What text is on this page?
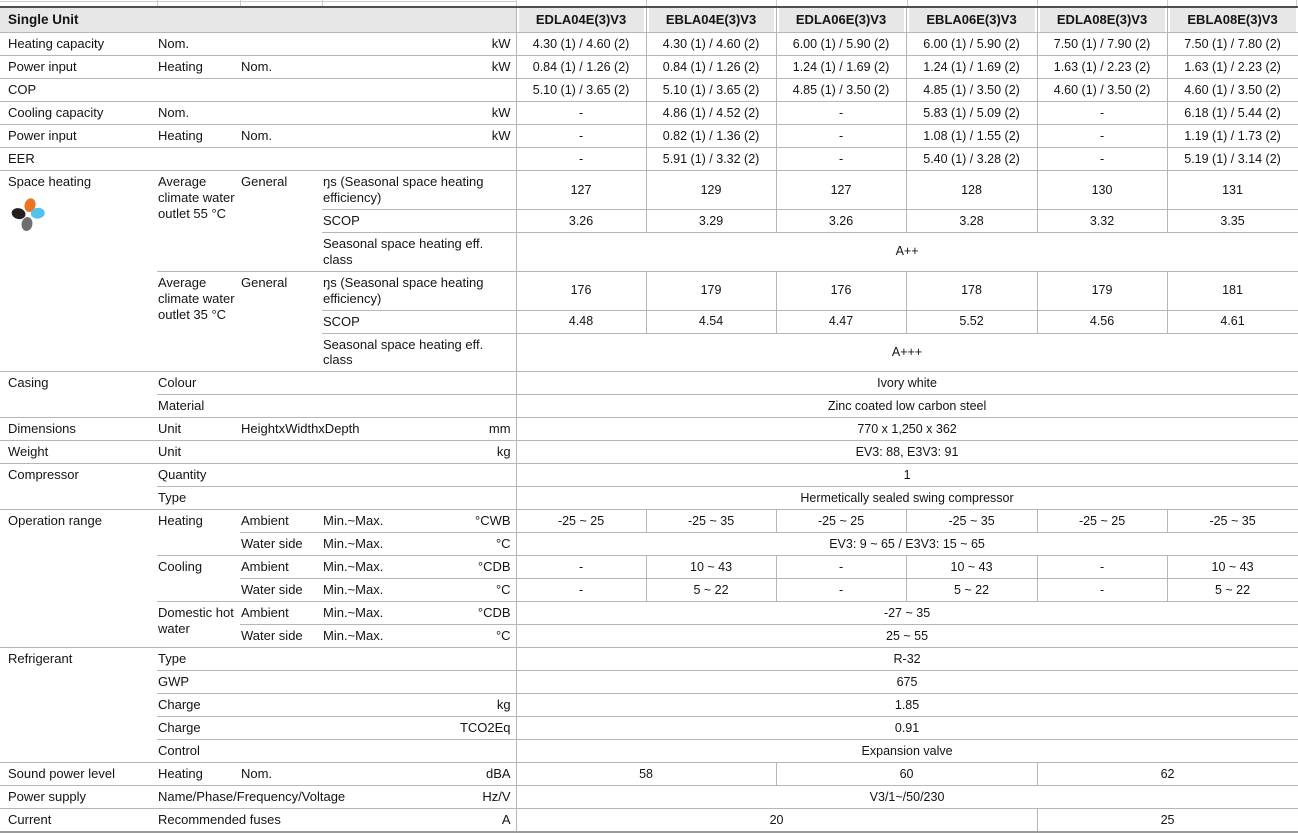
Single Unit					EDLA04E(3)V3	EBLA04E(3)V3	EDLA06E(3)V3	EBLA06E(3)V3	EDLA08E(3)V3	EBLA08E(3)V3
Heating capacity	Nom.			kW	4.30 (1) / 4.60 (2)	4.30 (1) / 4.60 (2)	6.00 (1) / 5.90 (2)	6.00 (1) / 5.90 (2)	7.50 (1) / 7.90 (2)	7.50 (1) / 7.80 (2)
Power input	Heating	Nom.		kW	0.84 (1) / 1.26 (2)	0.84 (1) / 1.26 (2)	1.24 (1) / 1.69 (2)	1.24 (1) / 1.69 (2)	1.63 (1) / 2.23 (2)	1.63 (1) / 2.23 (2)
COP					5.10 (1) / 3.65 (2)	5.10 (1) / 3.65 (2)	4.85 (1) / 3.50 (2)	4.85 (1) / 3.50 (2)	4.60 (1) / 3.50 (2)	4.60 (1) / 3.50 (2)
Cooling capacity	Nom.			kW	-	4.86 (1) / 4.52 (2)	-	5.83 (1) / 5.09 (2)	-	6.18 (1) / 5.44 (2)
Power input	Heating	Nom.		kW	-	0.82 (1) / 1.36 (2)	-	1.08 (1) / 1.55 (2)	-	1.19 (1) / 1.73 (2)
EER					-	5.91 (1) / 3.32 (2)	-	5.40 (1) / 3.28 (2)	-	5.19 (1) / 3.14 (2)
Space heating	Average climate water outlet 55 °C	General	ŋs (Seasonal space heating efficiency)		127	129	127	128	130	131
			SCOP		3.26	3.29	3.26	3.28	3.32	3.35
			Seasonal space heating eff. class		A++					
	Average climate water outlet 35 °C	General	ŋs (Seasonal space heating efficiency)		176	179	176	178	179	181
			SCOP		4.48	4.54	4.47	5.52	4.56	4.61
			Seasonal space heating eff. class		A+++					
Casing	Colour				Ivory white					
	Material				Zinc coated low carbon steel					
Dimensions	Unit	HeightxWidthxDepth		mm	770 x 1,250 x 362					
Weight	Unit			kg	EV3: 88, E3V3: 91					
Compressor	Quantity				1					
	Type				Hermetically sealed swing compressor					
Operation range	Heating	Ambient	Min.~Max.	°CWB	-25 ~ 25	-25 ~ 35	-25 ~ 25	-25 ~ 35	-25 ~ 25	-25 ~ 35
		Water side	Min.~Max.	°C	EV3: 9 ~ 65 / E3V3: 15 ~ 65					
	Cooling	Ambient	Min.~Max.	°CDB	-	10 ~ 43	-	10 ~ 43	-	10 ~ 43
		Water side	Min.~Max.	°C	-	5 ~ 22	-	5 ~ 22	-	5 ~ 22
	Domestic hot water	Ambient	Min.~Max.	°CDB	-27 ~ 35					
		Water side	Min.~Max.	°C	25 ~ 55					
Refrigerant	Type				R-32					
	GWP				675					
	Charge			kg	1.85					
	Charge			TCO2Eq	0.91					
	Control				Expansion valve					
Sound power level	Heating	Nom.		dBA	58		60		62	
Power supply	Name/Phase/Frequency/Voltage			Hz/V	V3/1~/50/230					
Current	Recommended fuses			A	20				25	
